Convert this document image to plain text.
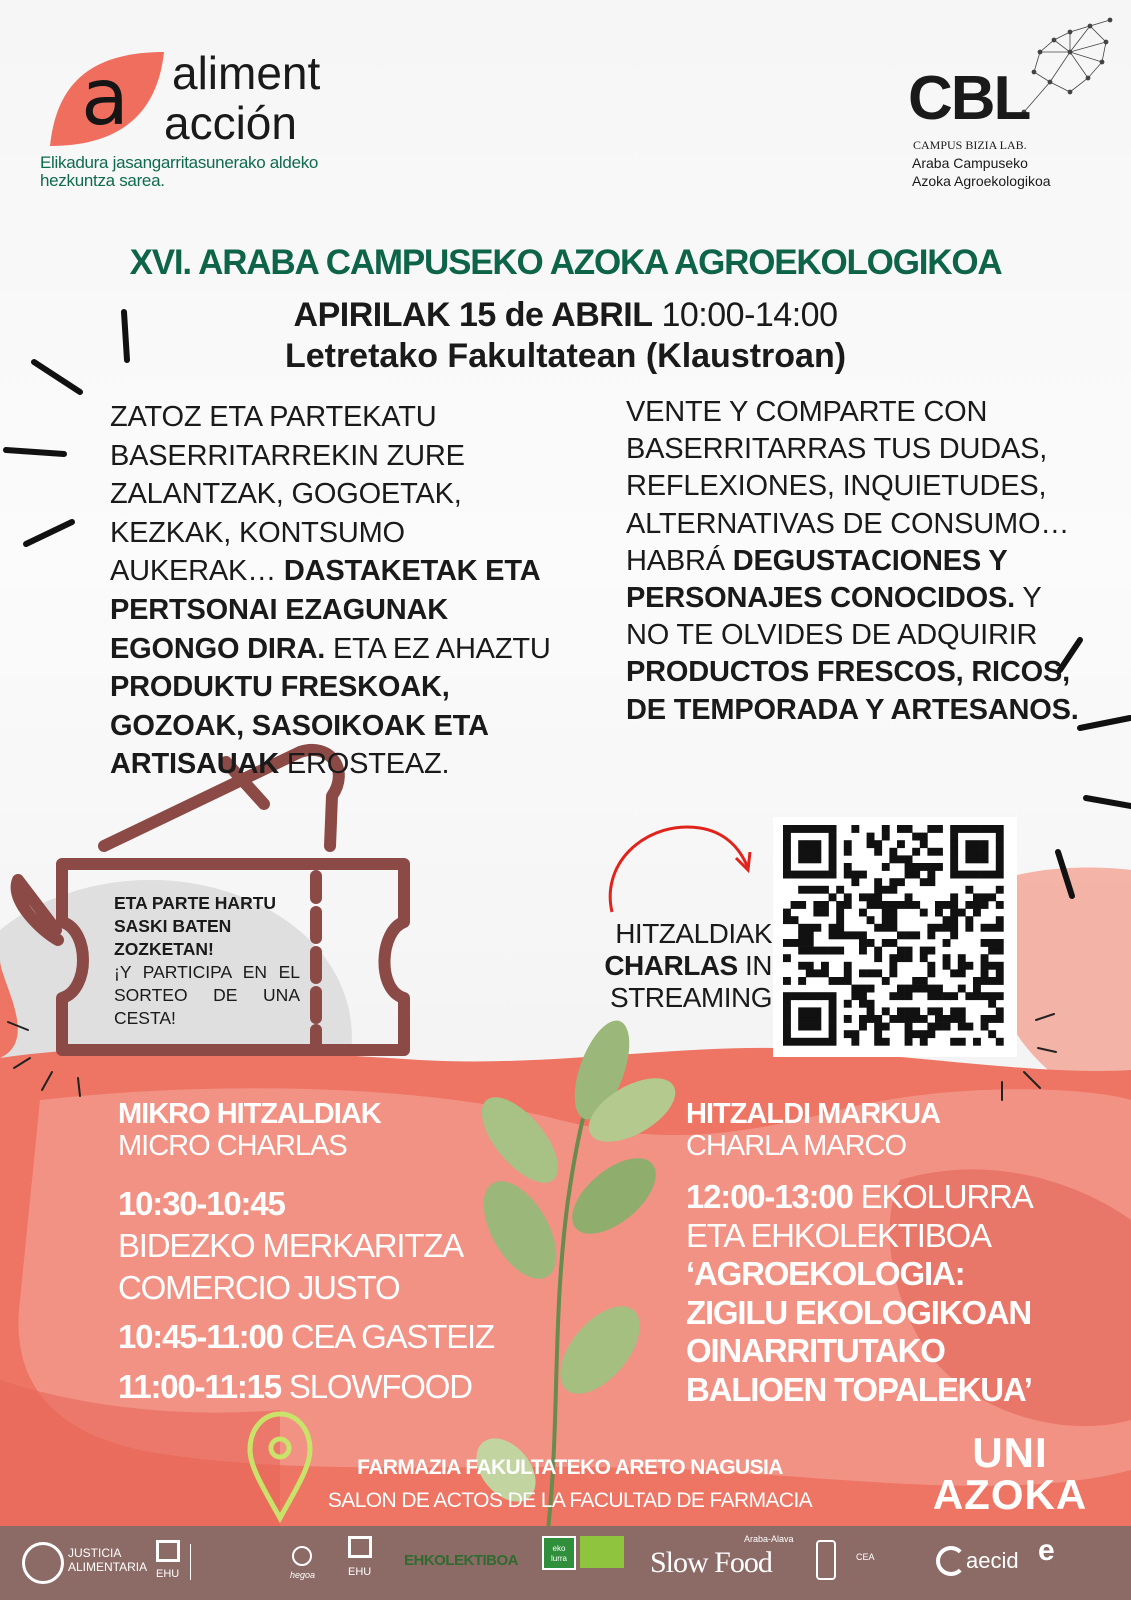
a aliment
acción
Elikadura jasangarritasunerako aldeko hezkuntza sarea.
CBL
CAMPUS BIZIA LAB.
Araba Campuseko
Azoka Agroekologikoa
XVI. ARABA CAMPUSEKO AZOKA AGROEKOLOGIKOA
APIRILAK 15 de ABRIL 10:00-14:00
Letretako Fakultatean (Klaustroan)
ZATOZ ETA PARTEKATU BASERRITARREKIN ZURE ZALANTZAK, GOGOETAK, KEZKAK, KONTSUMO AUKERAK… DASTAKETAK ETA PERTSONAI EZAGUNAK EGONGO DIRA. ETA EZ AHAZTU PRODUKTU FRESKOAK, GOZOAK, SASOIKOAK ETA ARTISAUAK EROSTEAZ.
VENTE Y COMPARTE CON BASERRITARRAS TUS DUDAS, REFLEXIONES, INQUIETUDES, ALTERNATIVAS DE CONSUMO… HABRÁ DEGUSTACIONES Y PERSONAJES CONOCIDOS. Y NO TE OLVIDES DE ADQUIRIR PRODUCTOS FRESCOS, RICOS, DE TEMPORADA Y ARTESANOS.
ETA PARTE HARTU SASKI BATEN ZOZKETAN!
¡Y PARTICIPA EN EL SORTEO DE UNA CESTA!
HITZALDIAK
CHARLAS IN
STREAMING
MIKRO HITZALDIAK
MICRO CHARLAS
10:30-10:45
BIDEZKO MERKARITZA
COMERCIO JUSTO
10:45-11:00 CEA GASTEIZ
11:00-11:15 SLOWFOOD
HITZALDI MARKUA
CHARLA MARCO
12:00-13:00 EKOLURRA
ETA EHKOLEKTIBOA
‘AGROEKOLOGIA:
ZIGILU EKOLOGIKOAN
OINARRITUTAKO
BALIOEN TOPALEKUA’
FARMAZIA FAKULTATEKO ARETO NAGUSIA
SALON DE ACTOS DE LA FACULTAD DE FARMACIA
UNI
AZOKA
JUSTICIA
ALIMENTARIA EHU	hegoa	EHU
EHKOLEKTIBOA
eko lurra	Slow Food
Araba-Alava
CEA	aecid e
